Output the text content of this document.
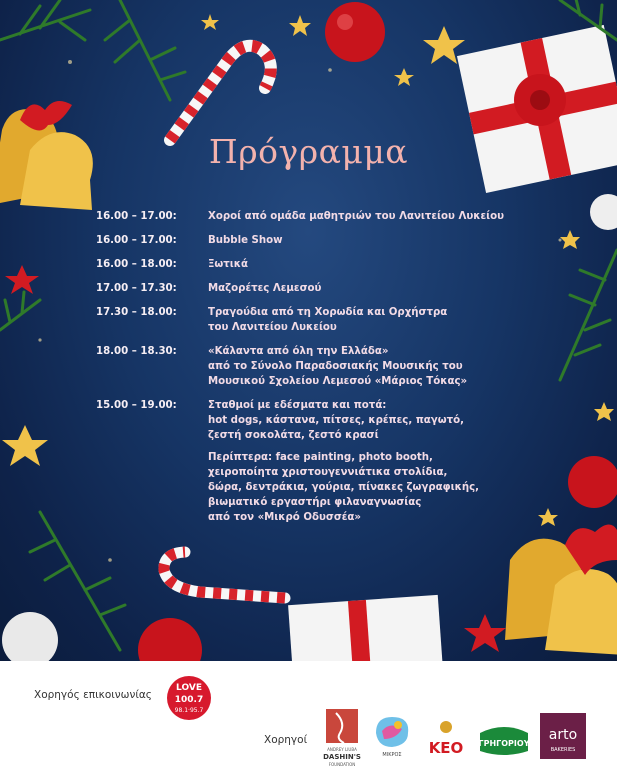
Πρόγραμμα
16.00 – 17.00:	Χοροί από ομάδα μαθητριών του Λανιτείου Λυκείου
16.00 – 17.00:	Bubble Show
16.00 – 18.00:	Ξωτικά
17.00 – 17.30:	Μαζορέτες Λεμεσού
17.30 – 18.00:	Τραγούδια από τη Χορωδία και Ορχήστρα
του Λανιτείου Λυκείου
18.00 – 18.30:	«Κάλαντα από όλη την Ελλάδα»
από το Σύνολο Παραδοσιακής Μουσικής του
Μουσικού Σχολείου Λεμεσού «Μάριος Τόκας»
15.00 – 19.00:	Σταθμοί με εδέσματα και ποτά:
hot dogs, κάστανα, πίτσες, κρέπες, παγωτό,
ζεστή σοκολάτα, ζεστό κρασί
Περίπτερα: face painting, photo booth,
χειροποίητα χριστουγεννιάτικα στολίδια,
δώρα, δεντράκια, γούρια, πίνακες ζωγραφικής,
βιωματικό εργαστήρι φιλαναγνωσίας
από τον «Μικρό Οδυσσέα»
Χορηγός επικοινωνίας
LOVE
100.7
98.1·95.7
Χορηγοί
ANDREY LIUBA
DASHIN'S
FOUNDATION
ΜΙΚΡΟΣ KEO ΓΡΗΓΟΡΙΟΥ
arto
BAKERIES
